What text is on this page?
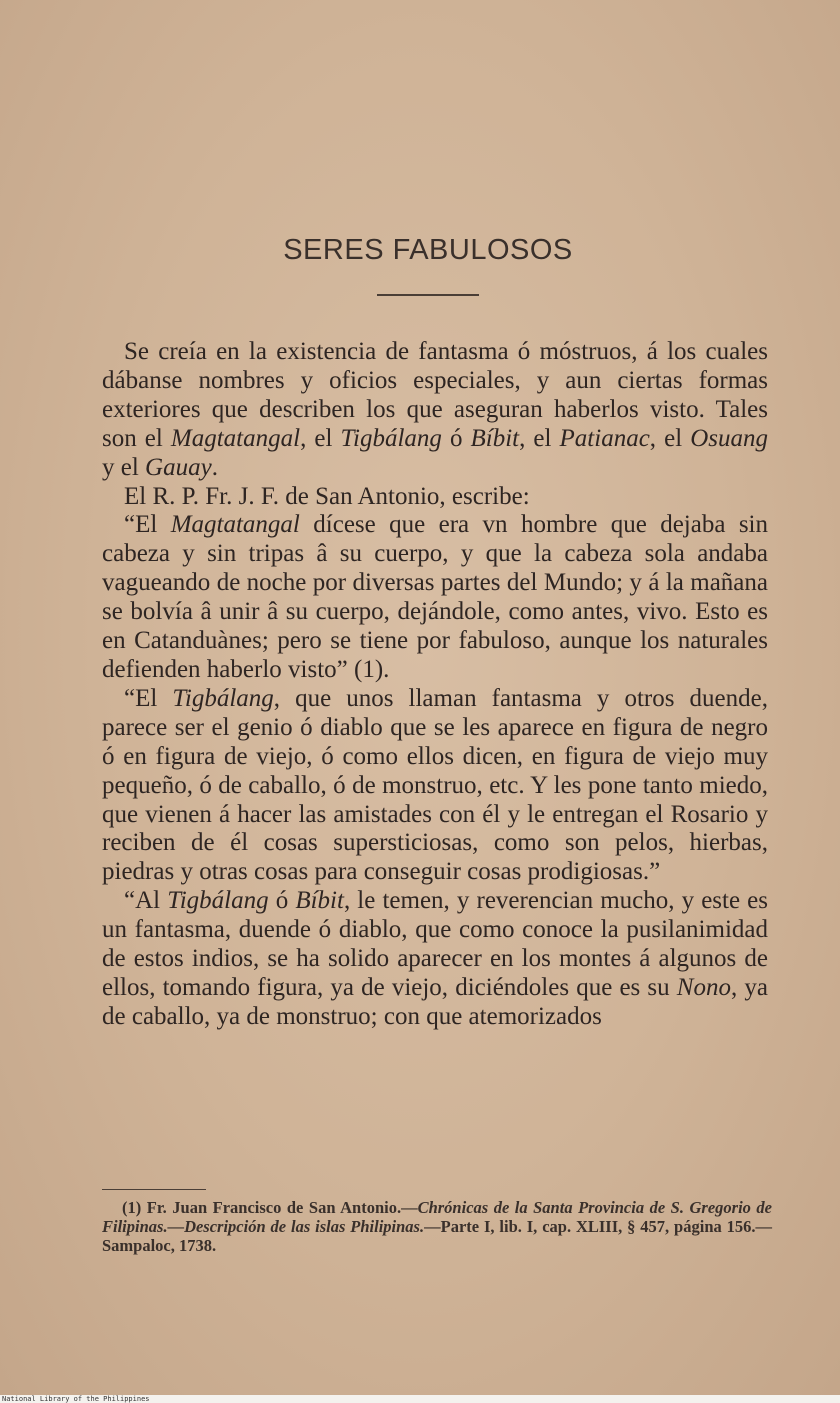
SERES FABULOSOS

Se creía en la existencia de fantasma ó móstruos, á los cuales dábanse nombres y oficios especiales, y aun ciertas formas exteriores que describen los que aseguran haberlos visto. Tales son el Magtatangal, el Tigbálang ó Bíbit, el Patianac, el Osuang y el Gauay.

El R. P. Fr. J. F. de San Antonio, escribe:

“El Magtatangal dícese que era vn hombre que dejaba sin cabeza y sin tripas â su cuerpo, y que la cabeza sola andaba vagueando de noche por diversas partes del Mundo; y á la mañana se bolvía â unir â su cuerpo, dejándole, como antes, vivo. Esto es en Catanduànes; pero se tiene por fabuloso, aunque los naturales defienden haberlo visto” (1).

“El Tigbálang, que unos llaman fantasma y otros duende, parece ser el genio ó diablo que se les aparece en figura de negro ó en figura de viejo, ó como ellos dicen, en figura de viejo muy pequeño, ó de caballo, ó de monstruo, etc. Y les pone tanto miedo, que vienen á hacer las amistades con él y le entregan el Rosario y reciben de él cosas supersticiosas, como son pelos, hierbas, piedras y otras cosas para conseguir cosas prodigiosas.”

“Al Tigbálang ó Bíbit, le temen, y reverencian mucho, y este es un fantasma, duende ó diablo, que como conoce la pusilanimidad de estos indios, se ha solido aparecer en los montes á algunos de ellos, tomando figura, ya de viejo, diciéndoles que es su Nono, ya de caballo, ya de monstruo; con que atemorizados

(1) Fr. Juan Francisco de San Antonio.—Chrónicas de la Santa Provincia de S. Gregorio de Filipinas.—Descripción de las islas Philipinas.—Parte I, lib. I, cap. XLIII, § 457, página 156.—Sampaloc, 1738.

National Library of the Philippines
